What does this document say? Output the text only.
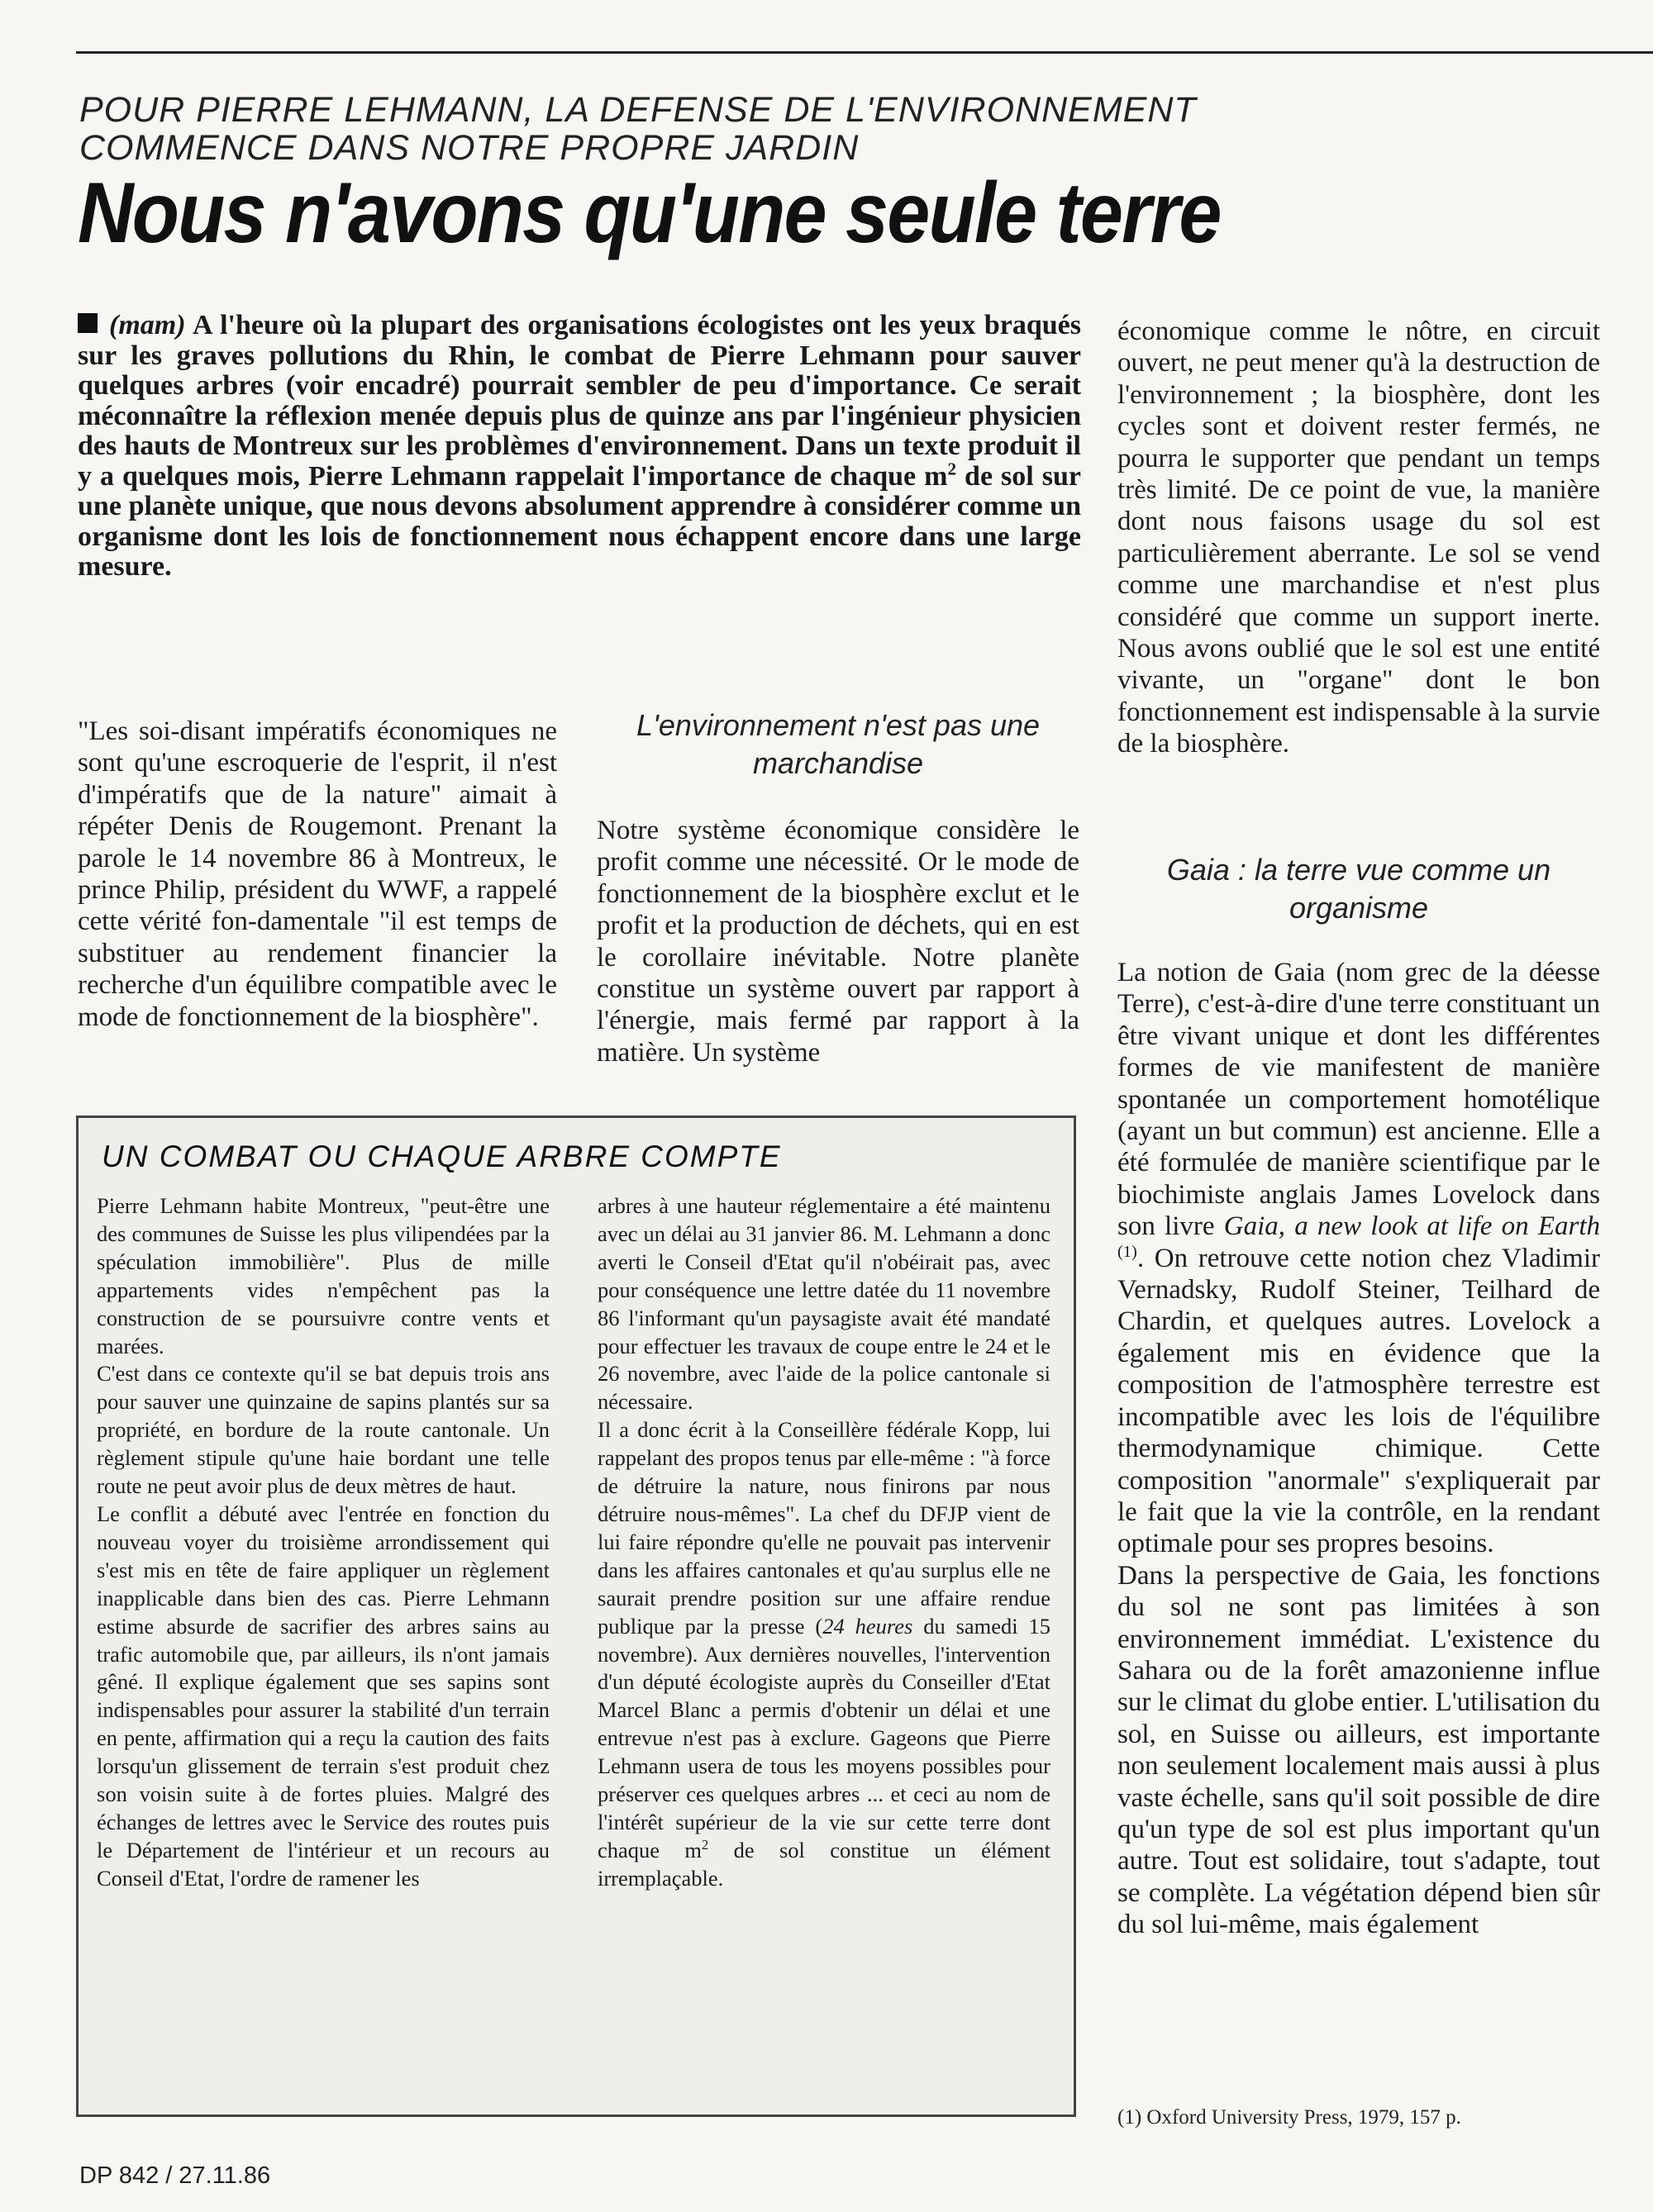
POUR PIERRE LEHMANN, LA DEFENSE DE L'ENVIRONNEMENT
COMMENCE DANS NOTRE PROPRE JARDIN
Nous n'avons qu'une seule terre
(mam) A l'heure où la plupart des organisations écologistes ont les yeux braqués sur les graves pollutions du Rhin, le combat de Pierre Lehmann pour sauver quelques arbres (voir encadré) pourrait sembler de peu d'importance. Ce serait méconnaître la réflexion menée depuis plus de quinze ans par l'ingénieur physicien des hauts de Montreux sur les problèmes d'environnement. Dans un texte produit il y a quelques mois, Pierre Lehmann rappelait l'importance de chaque $m^2$ de sol sur une planète unique, que nous devons absolument apprendre à considérer comme un organisme dont les lois de fonctionnement nous échappent encore dans une large mesure.

"Les soi-disant impératifs économiques ne sont qu'une escroquerie de l'esprit, il n'est d'impératifs que de la nature" aimait à répéter Denis de Rougemont. Prenant la parole le 14 novembre 86 à Montreux, le prince Philip, président du WWF, a rappelé cette vérité fon-damentale "il est temps de substituer au rendement financier la recherche d'un équilibre compatible avec le mode de fonctionnement de la biosphère".

L'environnement n'est pas une marchandise

Notre système économique considère le profit comme une nécessité. Or le mode de fonctionnement de la biosphère exclut et le profit et la production de déchets, qui en est le corollaire inévitable. Notre planète constitue un système ouvert par rapport à l'énergie, mais fermé par rapport à la matière. Un système

économique comme le nôtre, en circuit ouvert, ne peut mener qu'à la destruction de l'environnement ; la biosphère, dont les cycles sont et doivent rester fermés, ne pourra le supporter que pendant un temps très limité. De ce point de vue, la manière dont nous faisons usage du sol est particulièrement aberrante. Le sol se vend comme une marchandise et n'est plus considéré que comme un support inerte. Nous avons oublié que le sol est une entité vivante, un "organe" dont le bon fonctionnement est indispensable à la survie de la biosphère.

Gaia : la terre vue comme un organisme

La notion de Gaia (nom grec de la déesse Terre), c'est-à-dire d'une terre constituant un être vivant unique et dont les différentes formes de vie manifestent de manière spontanée un comportement homotélique (ayant un but commun) est ancienne. Elle a été formulée de manière scientifique par le biochimiste anglais James Lovelock dans son livre Gaia, a new look at life on Earth $^{(1)}$. On retrouve cette notion chez Vladimir Vernadsky, Rudolf Steiner, Teilhard de Chardin, et quelques autres. Lovelock a également mis en évidence que la composition de l'atmosphère terrestre est incompatible avec les lois de l'équilibre thermodynamique chimique. Cette composition "anormale" s'expliquerait par le fait que la vie la contrôle, en la rendant optimale pour ses propres besoins.

Dans la perspective de Gaia, les fonctions du sol ne sont pas limitées à son environnement immédiat. L'existence du Sahara ou de la forêt amazonienne influe sur le climat du globe entier. L'utilisation du sol, en Suisse ou ailleurs, est importante non seulement localement mais aussi à plus vaste échelle, sans qu'il soit possible de dire qu'un type de sol est plus important qu'un autre. Tout est solidaire, tout s'adapte, tout se complète. La végétation dépend bien sûr du sol lui-même, mais également

UN COMBAT OU CHAQUE ARBRE COMPTE

Pierre Lehmann habite Montreux, "peut-être une des communes de Suisse les plus vilipendées par la spéculation immobilière". Plus de mille appartements vides n'empêchent pas la construction de se poursuivre contre vents et marées.

C'est dans ce contexte qu'il se bat depuis trois ans pour sauver une quinzaine de sapins plantés sur sa propriété, en bordure de la route cantonale. Un règlement stipule qu'une haie bordant une telle route ne peut avoir plus de deux mètres de haut.

Le conflit a débuté avec l'entrée en fonction du nouveau voyer du troisième arrondissement qui s'est mis en tête de faire appliquer un règlement inapplicable dans bien des cas. Pierre Lehmann estime absurde de sacrifier des arbres sains au trafic automobile que, par ailleurs, ils n'ont jamais gêné. Il explique également que ses sapins sont indispensables pour assurer la stabilité d'un terrain en pente, affirmation qui a reçu la caution des faits lorsqu'un glissement de terrain s'est produit chez son voisin suite à de fortes pluies. Malgré des échanges de lettres avec le Service des routes puis le Département de l'intérieur et un recours au Conseil d'Etat, l'ordre de ramener les

arbres à une hauteur réglementaire a été maintenu avec un délai au 31 janvier 86. M. Lehmann a donc averti le Conseil d'Etat qu'il n'obéirait pas, avec pour conséquence une lettre datée du 11 novembre 86 l'informant qu'un paysagiste avait été mandaté pour effectuer les travaux de coupe entre le 24 et le 26 novembre, avec l'aide de la police cantonale si nécessaire.

Il a donc écrit à la Conseillère fédérale Kopp, lui rappelant des propos tenus par elle-même : "à force de détruire la nature, nous finirons par nous détruire nous-mêmes". La chef du DFJP vient de lui faire répondre qu'elle ne pouvait pas intervenir dans les affaires cantonales et qu'au surplus elle ne saurait prendre position sur une affaire rendue publique par la presse (24 heures du samedi 15 novembre). Aux dernières nouvelles, l'intervention d'un député écologiste auprès du Conseiller d'Etat Marcel Blanc a permis d'obtenir un délai et une entrevue n'est pas à exclure. Gageons que Pierre Lehmann usera de tous les moyens possibles pour préserver ces quelques arbres ... et ceci au nom de l'intérêt supérieur de la vie sur cette terre dont chaque $m^2$ de sol constitue un élément irremplaçable.

(1) Oxford University Press, 1979, 157 p.
DP 842 / 27.11.86
